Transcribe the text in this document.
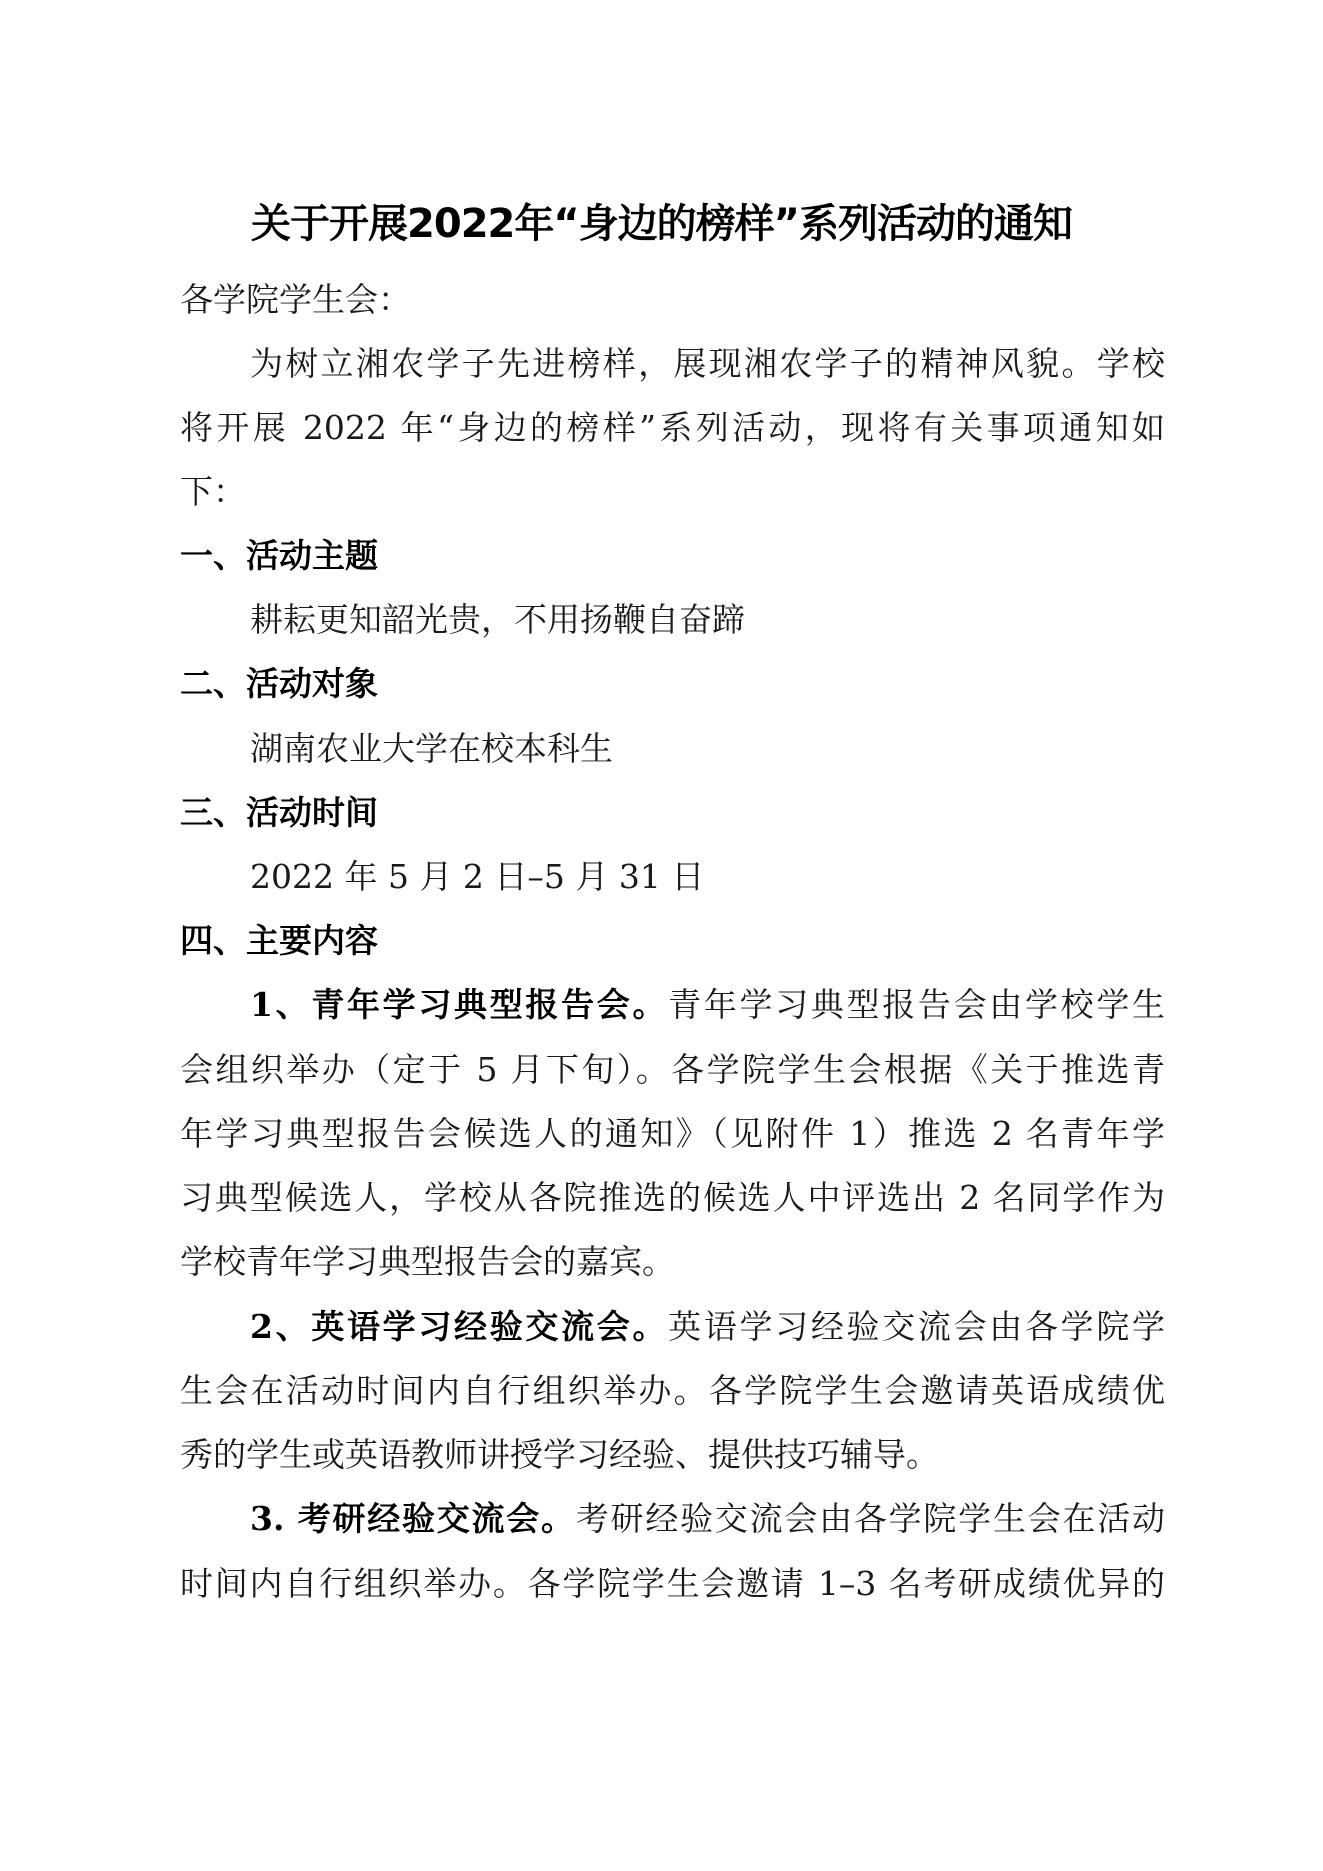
关于开展2022年“身边的榜样”系列活动的通知
各学院学生会：
为树立湘农学子先进榜样，展现湘农学子的精神风貌。学校
将开展 2022 年“身边的榜样”系列活动，现将有关事项通知如
下：
一、活动主题
耕耘更知韶光贵，不用扬鞭自奋蹄
二、活动对象
湖南农业大学在校本科生
三、活动时间
2022 年 5 月 2 日–5 月 31 日
四、主要内容
1、青年学习典型报告会。青年学习典型报告会由学校学生
会组织举办（定于 5 月下旬）。各学院学生会根据《关于推选青
年学习典型报告会候选人的通知》（见附件 1）推选 2 名青年学
习典型候选人，学校从各院推选的候选人中评选出 2 名同学作为
学校青年学习典型报告会的嘉宾。
2、英语学习经验交流会。英语学习经验交流会由各学院学
生会在活动时间内自行组织举办。各学院学生会邀请英语成绩优
秀的学生或英语教师讲授学习经验、提供技巧辅导。
3. 考研经验交流会。考研经验交流会由各学院学生会在活动
时间内自行组织举办。各学院学生会邀请 1–3 名考研成绩优异的
